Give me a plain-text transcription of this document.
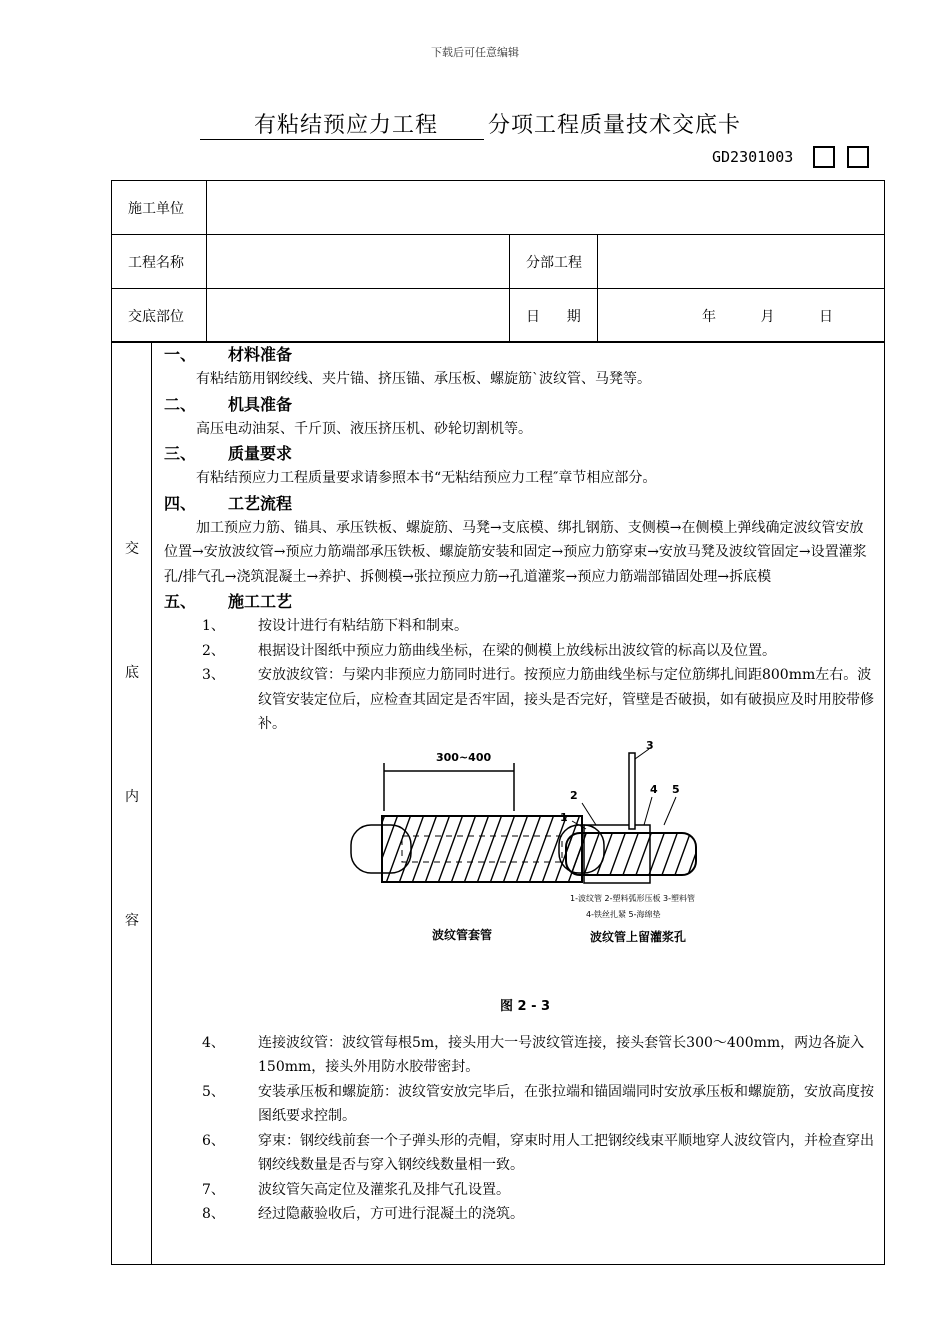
下载后可任意编辑
有粘结预应力工程 分项工程质量技术交底卡
GD2301003
施工单位			
工程名称		分部工程	
交底部位		日      期	年          月          日
交
底
内
容
一、	材料准备

有粘结筋用钢绞线、夹片锚、挤压锚、承压板、螺旋筋`波纹管、马凳等。

二、	机具准备

高压电动油泵、千斤顶、液压挤压机、砂轮切割机等。

三、	质量要求

有粘结预应力工程质量要求请参照本书“无粘结预应力工程″章节相应部分。

四、	工艺流程

加工预应力筋、锚具、承压铁板、螺旋筋、马凳→支底模、绑扎钢筋、支侧模→在侧模上弹线确定波纹管安放位置→安放波纹管→预应力筋端部承压铁板、螺旋筋安装和固定→预应力筋穿束→安放马凳及波纹管固定→设置灌浆孔/排气孔→浇筑混凝土→养护、拆侧模→张拉预应力筋→孔道灌浆→预应力筋端部锚固处理→拆底模

五、	施工工艺

1、	按设计进行有粘结筋下料和制束。

2、	根据设计图纸中预应力筋曲线坐标，在梁的侧模上放线标出波纹管的标高以及位置。

3、	安放波纹管：与梁内非预应力筋同时进行。按预应力筋曲线坐标与定位筋绑扎间距800mm左右。波纹管安装定位后，应检查其固定是否牢固，接头是否完好，管壁是否破损，如有破损应及时用胶带修补。

300~400
波纹管套管
3
2
1
4 5
1-波纹管 2-塑料弧形压板 3-塑料管
4-铁丝扎紧 5-海绵垫
波纹管上留灌浆孔
图 2 - 3

4、	连接波纹管：波纹管每根5m，接头用大一号波纹管连接，接头套管长300～400mm，两边各旋入150mm，接头外用防水胶带密封。

5、	安装承压板和螺旋筋：波纹管安放完毕后，在张拉端和锚固端同时安放承压板和螺旋筋，安放高度按图纸要求控制。

6、	穿束：钢绞线前套一个子弹头形的壳帽，穿束时用人工把钢绞线束平顺地穿人波纹管内，并检查穿出钢绞线数量是否与穿入钢绞线数量相一致。

7、	波纹管矢高定位及灌浆孔及排气孔设置。

8、	经过隐蔽验收后，方可进行混凝土的浇筑。
